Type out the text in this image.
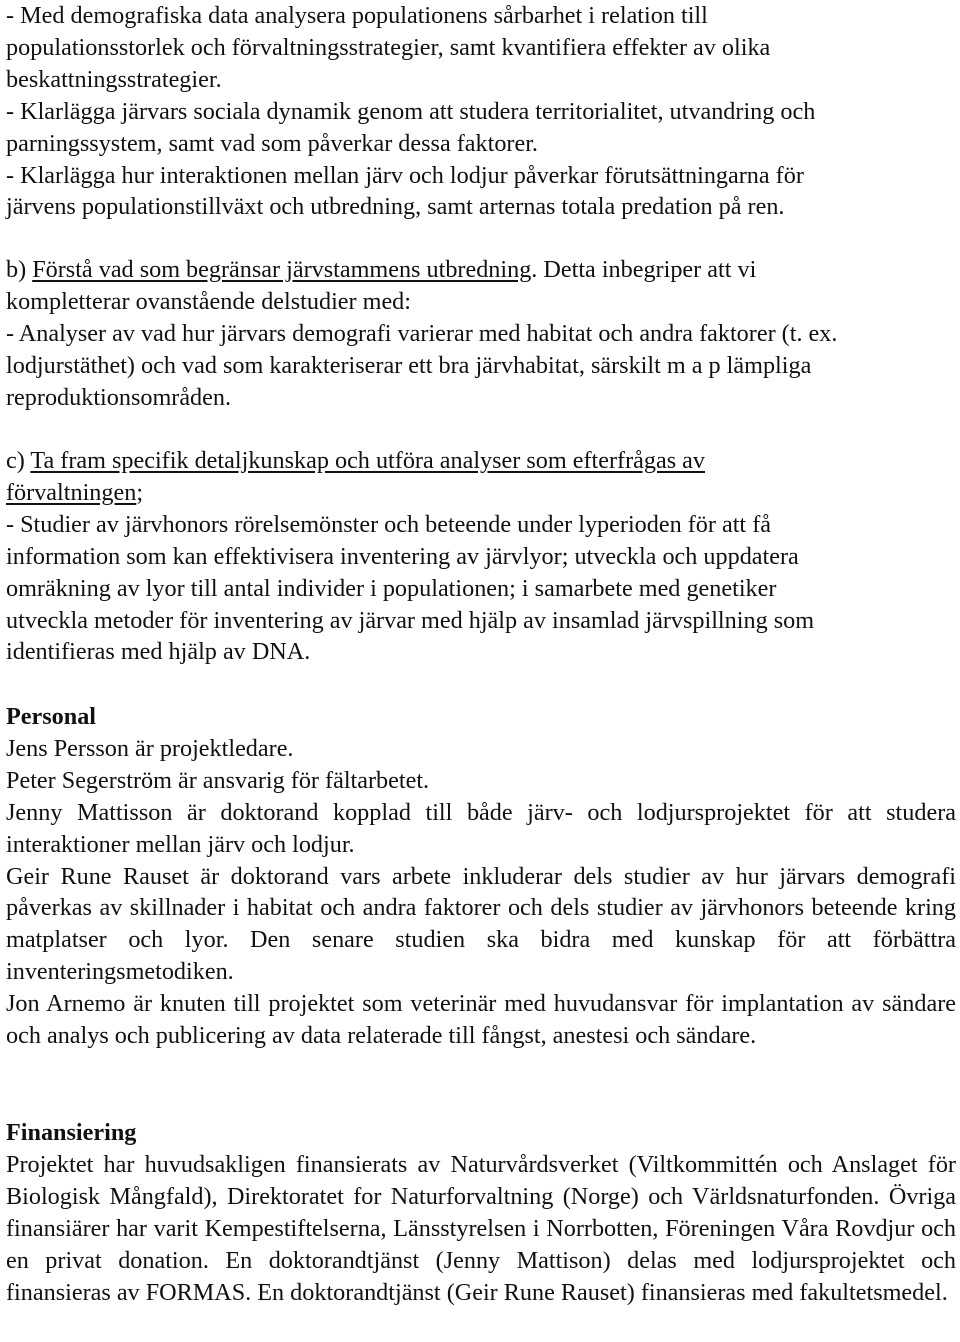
- Med demografiska data analysera populationens sårbarhet i relation till
populationsstorlek och förvaltningsstrategier, samt kvantifiera effekter av olika
beskattningsstrategier.
- Klarlägga järvars sociala dynamik genom att studera territorialitet, utvandring och
parningssystem, samt vad som påverkar dessa faktorer.
- Klarlägga hur interaktionen mellan järv och lodjur påverkar förutsättningarna för
järvens populationstillväxt och utbredning, samt arternas totala predation på ren.
b) Förstå vad som begränsar järvstammens utbredning. Detta inbegriper att vi
kompletterar ovanstående delstudier med:
- Analyser av vad hur järvars demografi varierar med habitat och andra faktorer (t. ex.
lodjurstäthet) och vad som karakteriserar ett bra järvhabitat, särskilt m a p lämpliga
reproduktionsområden.
c) Ta fram specifik detaljkunskap och utföra analyser som efterfrågas av
förvaltningen;
- Studier av järvhonors rörelsemönster och beteende under lyperioden för att få
information som kan effektivisera inventering av järvlyor; utveckla och uppdatera
omräkning av lyor till antal individer i populationen; i samarbete med genetiker
utveckla metoder för inventering av järvar med hjälp av insamlad järvspillning som
identifieras med hjälp av DNA.
Personal
Jens Persson är projektledare.
Peter Segerström är ansvarig för fältarbetet.
Jenny Mattisson är doktorand kopplad till både järv- och lodjursprojektet för att studera interaktioner mellan järv och lodjur.
Geir Rune Rauset är doktorand vars arbete inkluderar dels studier av hur järvars demografi påverkas av skillnader i habitat och andra faktorer och dels studier av järvhonors beteende kring matplatser och lyor. Den senare studien ska bidra med kunskap för att förbättra inventeringsmetodiken.
Jon Arnemo är knuten till projektet som veterinär med huvudansvar för implantation av sändare och analys och publicering av data relaterade till fångst, anestesi och sändare.
Finansiering
Projektet har huvudsakligen finansierats av Naturvårdsverket (Viltkommittén och Anslaget för Biologisk Mångfald), Direktoratet for Naturforvaltning (Norge) och Världsnaturfonden. Övriga finansiärer har varit Kempestiftelserna, Länsstyrelsen i Norrbotten, Föreningen Våra Rovdjur och en privat donation. En doktorandtjänst (Jenny Mattison) delas med lodjursprojektet och finansieras av FORMAS. En doktorandtjänst (Geir Rune Rauset) finansieras med fakultetsmedel.
